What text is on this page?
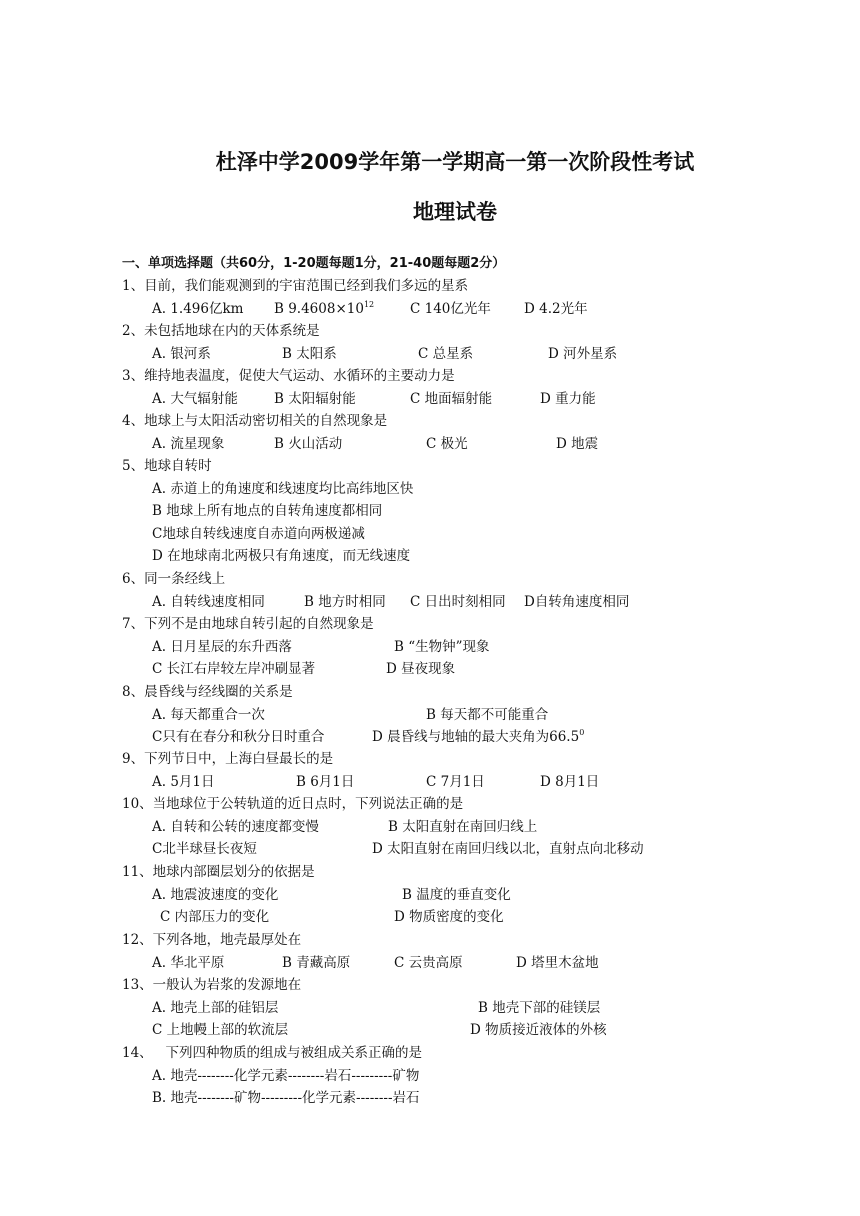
杜泽中学2009学年第一学期高一第一次阶段性考试
地理试卷
一、单项选择题（共60分，1-20题每题1分，21-40题每题2分）
1、目前，我们能观测到的宇宙范围已经到我们多远的星系
A. 1.496亿km B $9.4608\times 10^{12}$	C 140亿光年 D 4.2光年
2、未包括地球在内的天体系统是
A. 银河系	B 太阳系	C 总星系	D 河外星系
3、维持地表温度，促使大气运动、水循环的主要动力是
A. 大气辐射能	B 太阳辐射能	C 地面辐射能	D 重力能
4、地球上与太阳活动密切相关的自然现象是
A. 流星现象	B 火山活动	C 极光	D 地震
5、地球自转时
A. 赤道上的角速度和线速度均比高纬地区快
B 地球上所有地点的自转角速度都相同
C地球自转线速度自赤道向两极递减
D 在地球南北两极只有角速度，而无线速度
6、同一条经线上
A. 自转线速度相同	B 地方时相同 C 日出时刻相同 D自转角速度相同
7、下列不是由地球自转引起的自然现象是
A. 日月星辰的东升西落	B “生物钟”现象
C 长江右岸较左岸冲刷显著	D 昼夜现象
8、晨昏线与经线圈的关系是
A. 每天都重合一次	B 每天都不可能重合
C只有在春分和秋分日时重合	D 晨昏线与地轴的最大夹角为66.5$^0$
9、下列节日中，上海白昼最长的是
A. 5月1日	B 6月1日	C 7月1日	D 8月1日
10、当地球位于公转轨道的近日点时，下列说法正确的是
A. 自转和公转的速度都变慢	B 太阳直射在南回归线上
C北半球昼长夜短	D 太阳直射在南回归线以北，直射点向北移动
11、地球内部圈层划分的依据是
A. 地震波速度的变化	B 温度的垂直变化
C 内部压力的变化	D 物质密度的变化
12、下列各地，地壳最厚处在
A. 华北平原	B 青藏高原	C 云贵高原	D 塔里木盆地
13、一般认为岩浆的发源地在
A. 地壳上部的硅铝层	B 地壳下部的硅镁层
C 上地幔上部的软流层	D 物质接近液体的外核
14、   下列四种物质的组成与被组成关系正确的是
A. 地壳--------化学元素--------岩石---------矿物
B. 地壳--------矿物---------化学元素--------岩石
